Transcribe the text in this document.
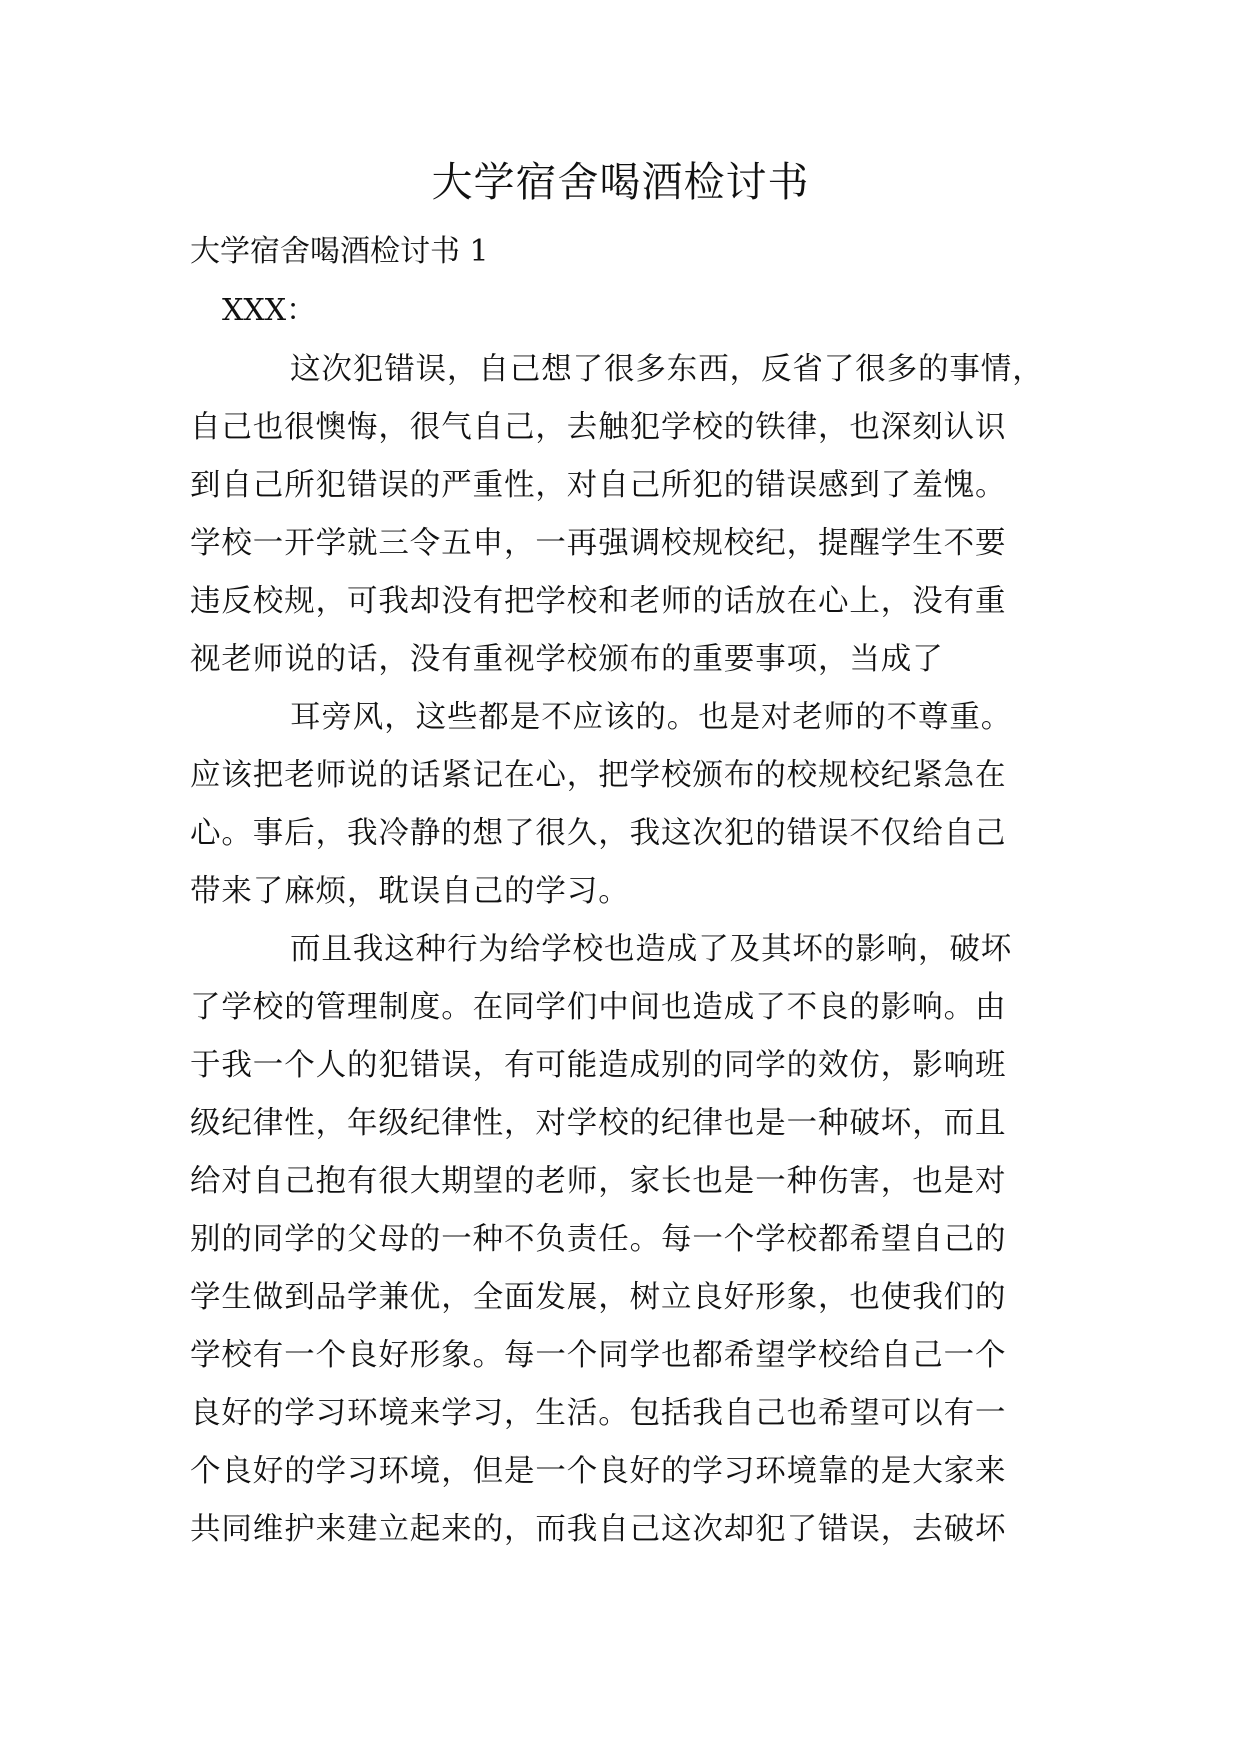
大学宿舍喝酒检讨书

大学宿舍喝酒检讨书 1

XXX：

这次犯错误，自己想了很多东西，反省了很多的事情，
自己也很懊悔，很气自己，去触犯学校的铁律，也深刻认识
到自己所犯错误的严重性，对自己所犯的错误感到了羞愧。
学校一开学就三令五申，一再强调校规校纪，提醒学生不要
违反校规，可我却没有把学校和老师的话放在心上，没有重
视老师说的话，没有重视学校颁布的重要事项，当成了
耳旁风，这些都是不应该的。也是对老师的不尊重。
应该把老师说的话紧记在心，把学校颁布的校规校纪紧急在
心。事后，我冷静的想了很久，我这次犯的错误不仅给自己
带来了麻烦，耽误自己的学习。
而且我这种行为给学校也造成了及其坏的影响，破坏
了学校的管理制度。在同学们中间也造成了不良的影响。由
于我一个人的犯错误，有可能造成别的同学的效仿，影响班
级纪律性，年级纪律性，对学校的纪律也是一种破坏，而且
给对自己抱有很大期望的老师，家长也是一种伤害，也是对
别的同学的父母的一种不负责任。每一个学校都希望自己的
学生做到品学兼优，全面发展，树立良好形象，也使我们的
学校有一个良好形象。每一个同学也都希望学校给自己一个
良好的学习环境来学习，生活。包括我自己也希望可以有一
个良好的学习环境，但是一个良好的学习环境靠的是大家来
共同维护来建立起来的，而我自己这次却犯了错误，去破坏
